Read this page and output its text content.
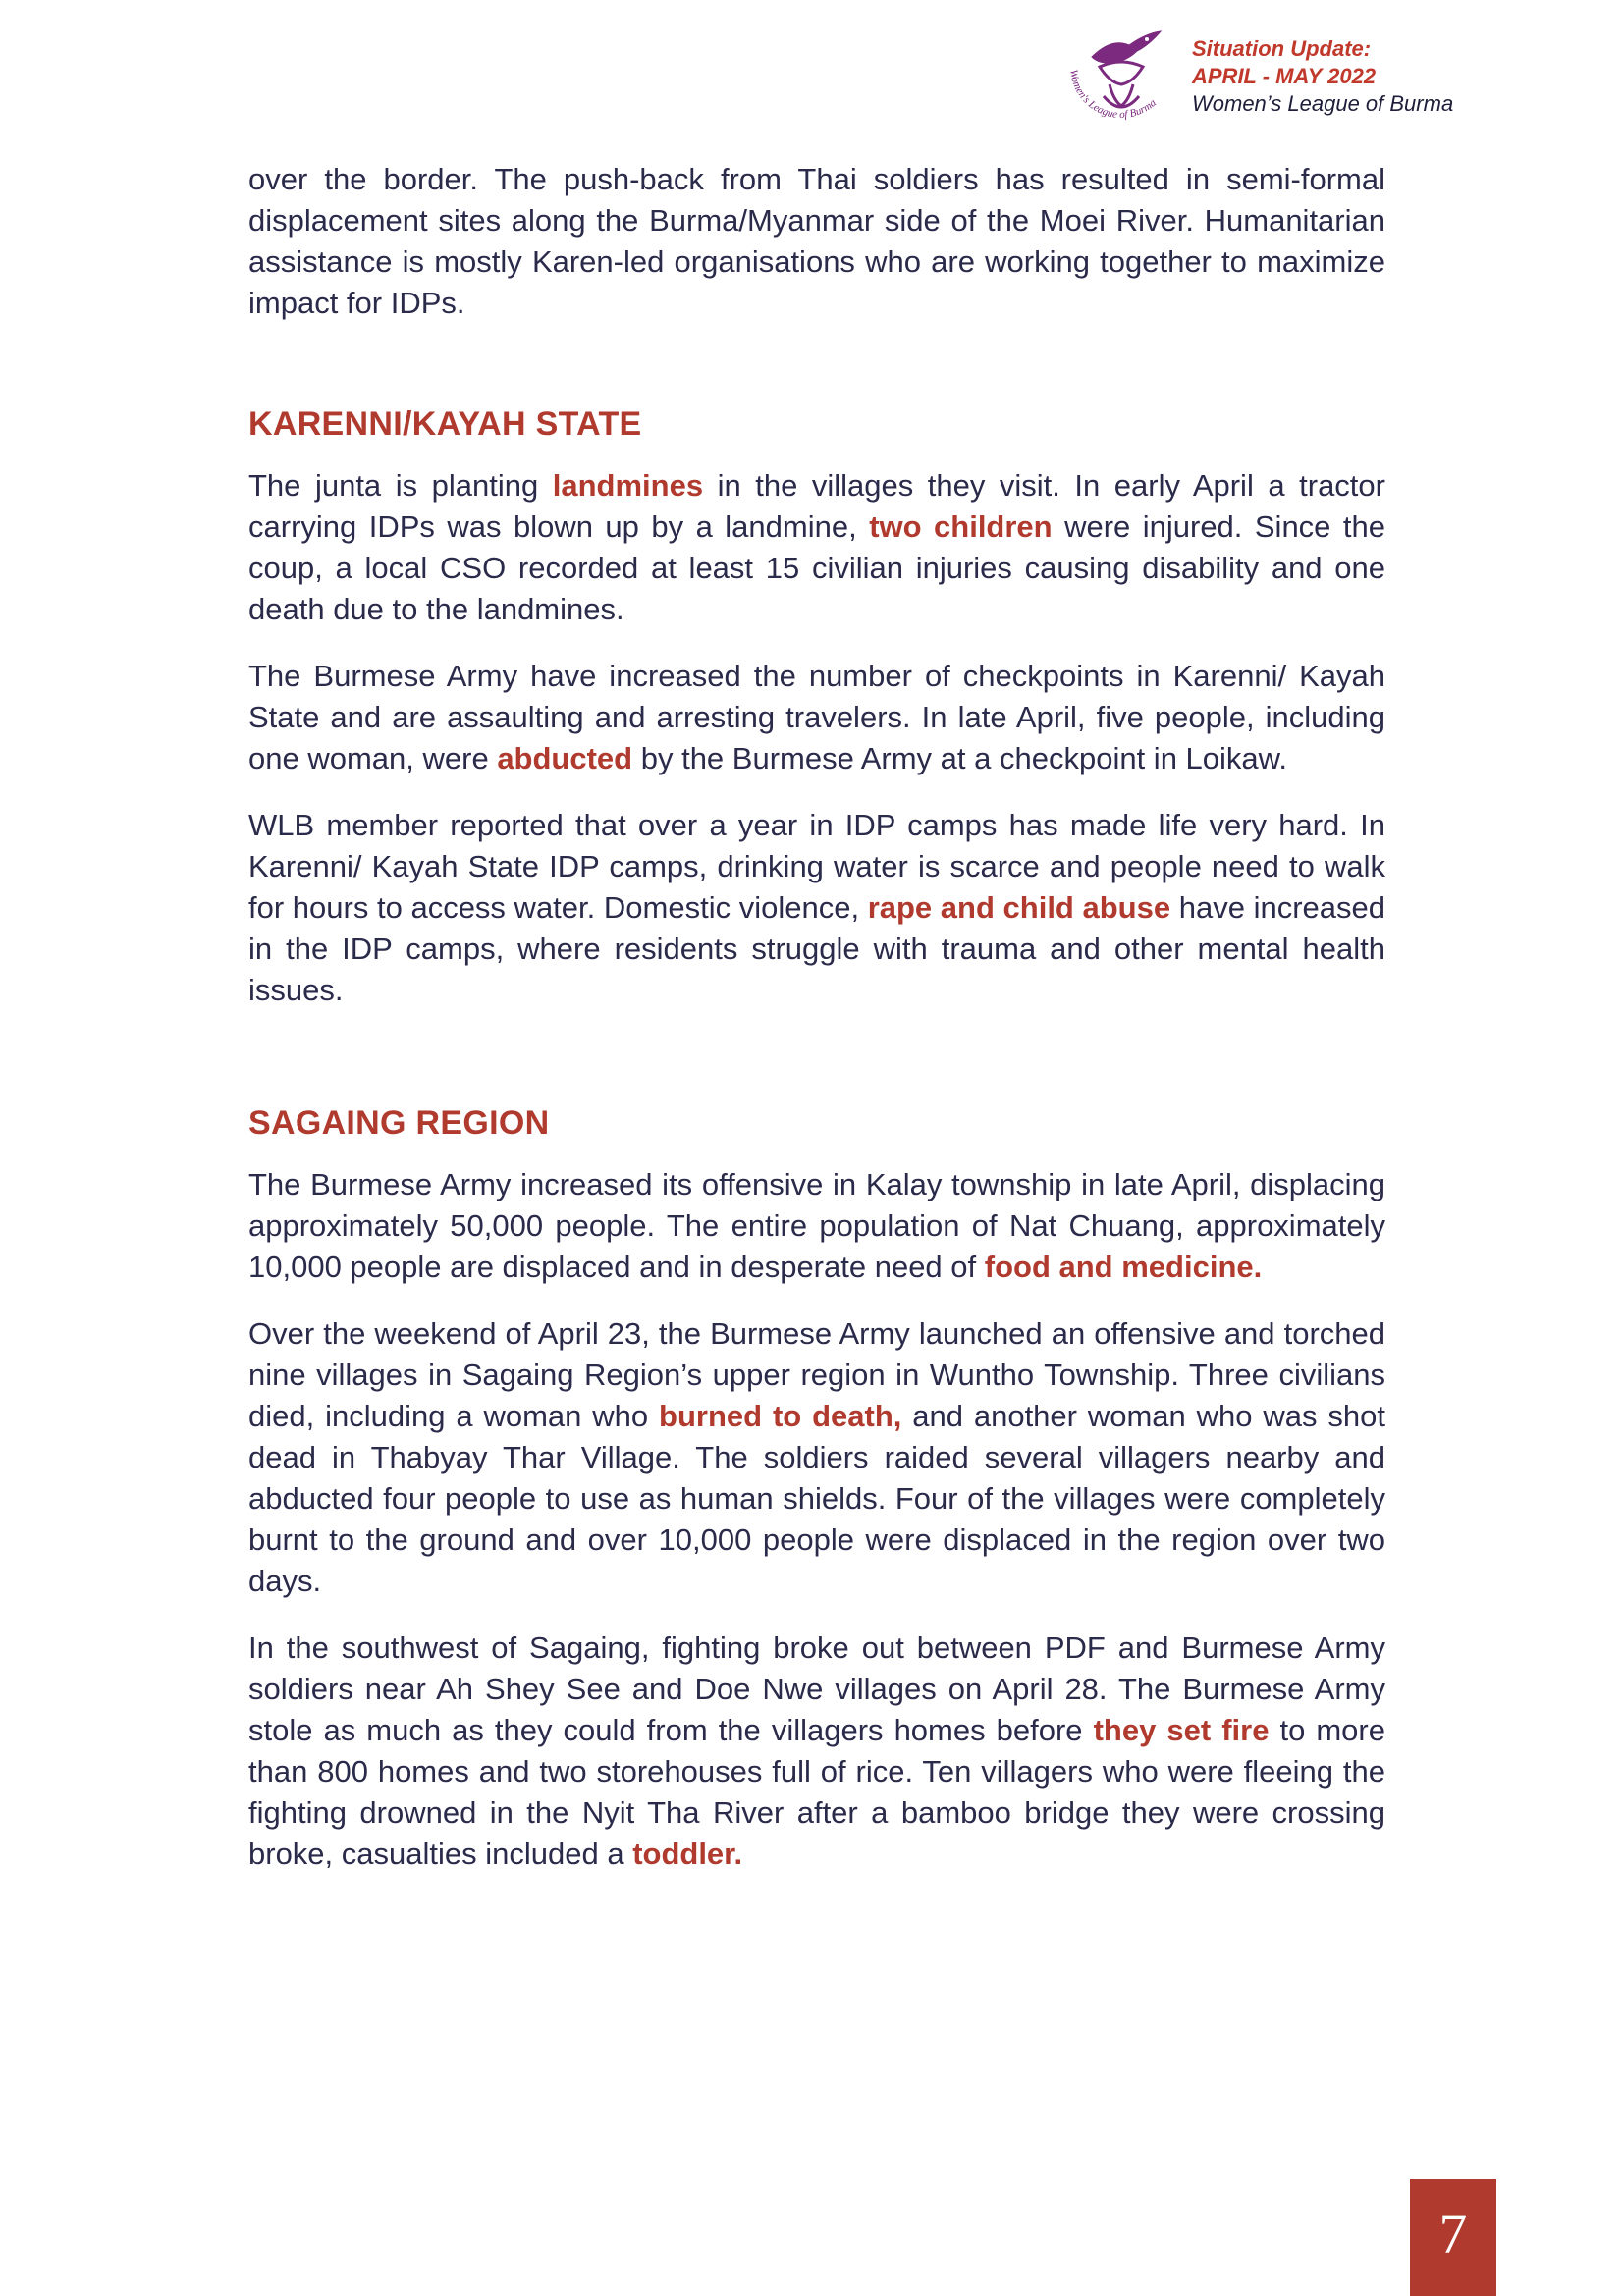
Women's League of Burma
Situation Update:
APRIL - MAY 2022
Women’s League of Burma

over the border. The push-back from Thai soldiers has resulted in semi-formal displacement sites along the Burma/Myanmar side of the Moei River. Humanitarian assistance is mostly Karen-led organisations who are working together to maximize impact for IDPs.

KARENNI/KAYAH STATE

The junta is planting landmines in the villages they visit. In early April a tractor carrying IDPs was blown up by a landmine, two children were injured. Since the coup, a local CSO recorded at least 15 civilian injuries causing disability and one death due to the landmines.

The Burmese Army have increased the number of checkpoints in Karenni/ Kayah State and are assaulting and arresting travelers. In late April, five people, including one woman, were abducted by the Burmese Army at a checkpoint in Loikaw.

WLB member reported that over a year in IDP camps has made life very hard. In Karenni/ Kayah State IDP camps, drinking water is scarce and people need to walk for hours to access water. Domestic violence, rape and child abuse have increased in the IDP camps, where residents struggle with trauma and other mental health issues.

SAGAING REGION

The Burmese Army increased its offensive in Kalay township in late April, displacing approximately 50,000 people. The entire population of Nat Chuang, approximately 10,000 people are displaced and in desperate need of food and medicine.

Over the weekend of April 23, the Burmese Army launched an offensive and torched nine villages in Sagaing Region’s upper region in Wuntho Township. Three civilians died, including a woman who burned to death, and another woman who was shot dead in Thabyay Thar Village. The soldiers raided several villagers nearby and abducted four people to use as human shields. Four of the villages were completely burnt to the ground and over 10,000 people were displaced in the region over two days.

In the southwest of Sagaing, fighting broke out between PDF and Burmese Army soldiers near Ah Shey See and Doe Nwe villages on April 28. The Burmese Army stole as much as they could from the villagers homes before they set fire to more than 800 homes and two storehouses full of rice. Ten villagers who were fleeing the fighting drowned in the Nyit Tha River after a bamboo bridge they were crossing broke, casualties included a toddler.

7
